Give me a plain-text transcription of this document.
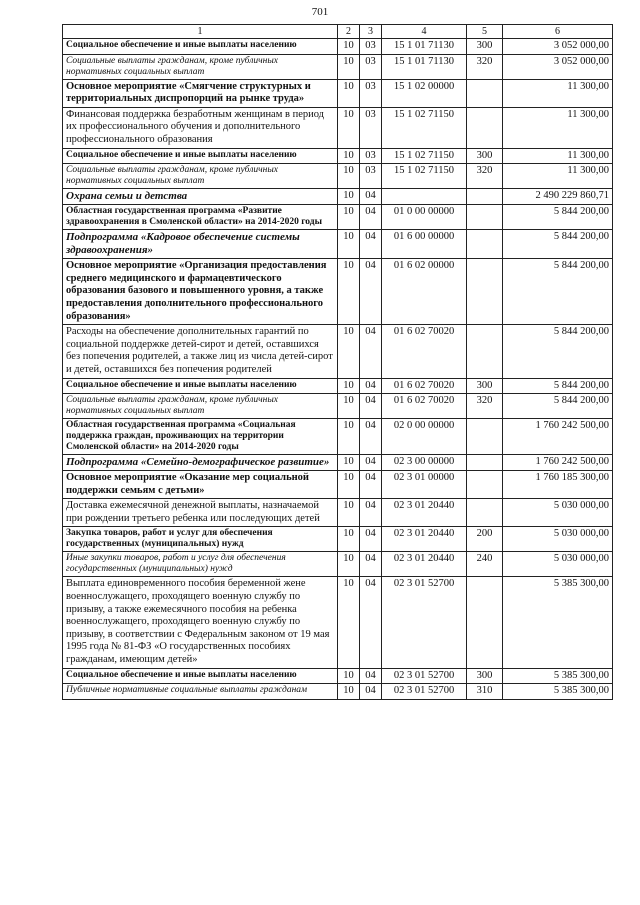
701
1	2	3	4	5	6
Социальное обеспечение и иные выплаты населению	10	03	15 1 01 71130	300	3 052 000,00
Социальные выплаты гражданам, кроме публичных нормативных социальных выплат	10	03	15 1 01 71130	320	3 052 000,00
Основное мероприятие «Смягчение структурных и территориальных диспропорций на рынке труда»	10	03	15 1 02 00000		11 300,00
Финансовая поддержка безработным женщинам в период их профессионального обучения и дополнительного профессионального образования	10	03	15 1 02 71150		11 300,00
Социальное обеспечение и иные выплаты населению	10	03	15 1 02 71150	300	11 300,00
Социальные выплаты гражданам, кроме публичных нормативных социальных выплат	10	03	15 1 02 71150	320	11 300,00
Охрана семьи и детства	10	04			2 490 229 860,71
Областная государственная программа «Развитие здравоохранения в Смоленской области» на 2014-2020 годы	10	04	01 0 00 00000		5 844 200,00
Подпрограмма «Кадровое обеспечение системы здравоохранения»	10	04	01 6 00 00000		5 844 200,00
Основное мероприятие «Организация предоставления среднего медицинского и фармацевтического образования базового и повышенного уровня, а также предоставления дополнительного профессионального образования»	10	04	01 6 02 00000		5 844 200,00
Расходы на обеспечение дополнительных гарантий по социальной поддержке детей-сирот и детей, оставшихся без попечения родителей, а также лиц из числа детей-сирот и детей, оставшихся без попечения родителей	10	04	01 6 02 70020		5 844 200,00
Социальное обеспечение и иные выплаты населению	10	04	01 6 02 70020	300	5 844 200,00
Социальные выплаты гражданам, кроме публичных нормативных социальных выплат	10	04	01 6 02 70020	320	5 844 200,00
Областная государственная программа «Социальная поддержка граждан, проживающих на территории Смоленской области» на 2014-2020 годы	10	04	02 0 00 00000		1 760 242 500,00
Подпрограмма «Семейно-демографическое развитие»	10	04	02 3 00 00000		1 760 242 500,00
Основное мероприятие «Оказание мер социальной поддержки семьям с детьми»	10	04	02 3 01 00000		1 760 185 300,00
Доставка ежемесячной денежной выплаты, назначаемой при рождении третьего ребенка или последующих детей	10	04	02 3 01 20440		5 030 000,00
Закупка товаров, работ и услуг для обеспечения государственных (муниципальных) нужд	10	04	02 3 01 20440	200	5 030 000,00
Иные закупки товаров, работ и услуг для обеспечения государственных (муниципальных) нужд	10	04	02 3 01 20440	240	5 030 000,00
Выплата единовременного пособия беременной жене военнослужащего, проходящего военную службу по призыву, а также ежемесячного пособия на ребенка военнослужащего, проходящего военную службу по призыву, в соответствии с Федеральным законом от 19 мая 1995 года № 81-ФЗ «О государственных пособиях гражданам, имеющим детей»	10	04	02 3 01 52700		5 385 300,00
Социальное обеспечение и иные выплаты населению	10	04	02 3 01 52700	300	5 385 300,00
Публичные нормативные социальные выплаты гражданам	10	04	02 3 01 52700	310	5 385 300,00
